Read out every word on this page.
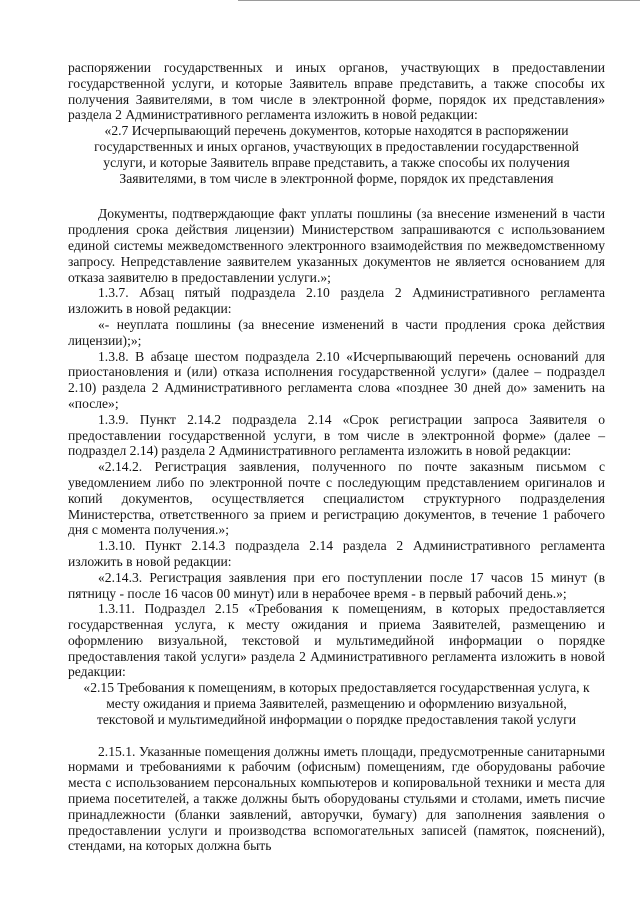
распоряжении государственных и иных органов, участвующих в предоставлении государственной услуги, и которые Заявитель вправе представить, а также способы их получения Заявителями, в том числе в электронной форме, порядок их представления» раздела 2 Административного регламента изложить в новой редакции:

«2.7 Исчерпывающий перечень документов, которые находятся в распоряжении государственных и иных органов, участвующих в предоставлении государственной услуги, и которые Заявитель вправе представить, а также способы их получения Заявителями, в том числе в электронной форме, порядок их представления

Документы, подтверждающие факт уплаты пошлины (за внесение изменений в части продления срока действия лицензии) Министерством запрашиваются с использованием единой системы межведомственного электронного взаимодействия по межведомственному запросу. Непредставление заявителем указанных документов не является основанием для отказа заявителю в предоставлении услуги.»;

1.3.7. Абзац пятый подраздела 2.10 раздела 2 Административного регламента изложить в новой редакции:

«- неуплата пошлины (за внесение изменений в части продления срока действия лицензии);»;

1.3.8. В абзаце шестом подраздела 2.10 «Исчерпывающий перечень оснований для приостановления и (или) отказа исполнения государственной услуги» (далее – подраздел 2.10) раздела 2 Административного регламента слова «позднее 30 дней до» заменить на «после»;

1.3.9. Пункт 2.14.2 подраздела 2.14 «Срок регистрации запроса Заявителя о предоставлении государственной услуги, в том числе в электронной форме» (далее – подраздел 2.14) раздела 2 Административного регламента изложить в новой редакции:

«2.14.2. Регистрация заявления, полученного по почте заказным письмом с уведомлением либо по электронной почте с последующим представлением оригиналов и копий документов, осуществляется специалистом структурного подразделения Министерства, ответственного за прием и регистрацию документов, в течение 1 рабочего дня с момента получения.»;

1.3.10. Пункт 2.14.3 подраздела 2.14 раздела 2 Административного регламента изложить в новой редакции:

«2.14.3. Регистрация заявления при его поступлении после 17 часов 15 минут (в пятницу - после 16 часов 00 минут) или в нерабочее время - в первый рабочий день.»;

1.3.11. Подраздел 2.15 «Требования к помещениям, в которых предоставляется государственная услуга, к месту ожидания и приема Заявителей, размещению и оформлению визуальной, текстовой и мультимедийной информации о порядке предоставления такой услуги» раздела 2 Административного регламента изложить в новой редакции:

«2.15 Требования к помещениям, в которых предоставляется государственная услуга, к месту ожидания и приема Заявителей, размещению и оформлению визуальной, текстовой и мультимедийной информации о порядке предоставления такой услуги

2.15.1. Указанные помещения должны иметь площади, предусмотренные санитарными нормами и требованиями к рабочим (офисным) помещениям, где оборудованы рабочие места с использованием персональных компьютеров и копировальной техники и места для приема посетителей, а также должны быть оборудованы стульями и столами, иметь писчие принадлежности (бланки заявлений, авторучки, бумагу) для заполнения заявления о предоставлении услуги и производства вспомогательных записей (памяток, пояснений), стендами, на которых должна быть
